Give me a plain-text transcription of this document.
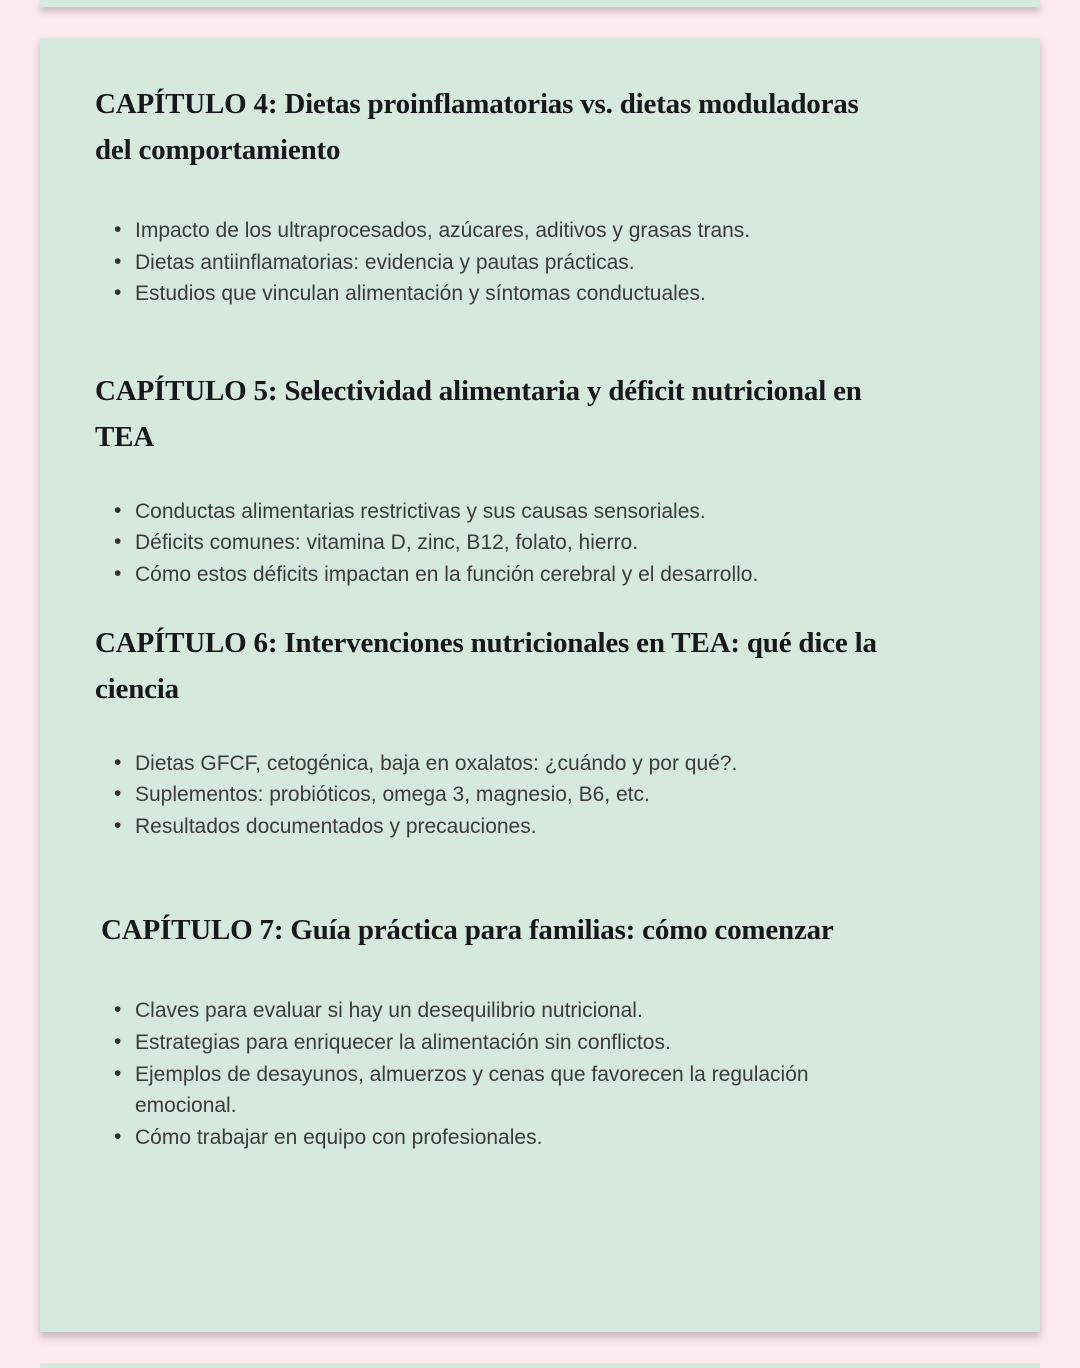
CAPÍTULO 4: Dietas proinflamatorias vs. dietas moduladoras
del comportamiento
• Impacto de los ultraprocesados, azúcares, aditivos y grasas trans.
• Dietas antiinflamatorias: evidencia y pautas prácticas.
• Estudios que vinculan alimentación y síntomas conductuales.
CAPÍTULO 5: Selectividad alimentaria y déficit nutricional en
TEA
• Conductas alimentarias restrictivas y sus causas sensoriales.
• Déficits comunes: vitamina D, zinc, B12, folato, hierro.
• Cómo estos déficits impactan en la función cerebral y el desarrollo.
CAPÍTULO 6: Intervenciones nutricionales en TEA: qué dice la
ciencia
• Dietas GFCF, cetogénica, baja en oxalatos: ¿cuándo y por qué?.
• Suplementos: probióticos, omega 3, magnesio, B6, etc.
• Resultados documentados y precauciones.
CAPÍTULO 7: Guía práctica para familias: cómo comenzar
• Claves para evaluar si hay un desequilibrio nutricional.
• Estrategias para enriquecer la alimentación sin conflictos.
• Ejemplos de desayunos, almuerzos y cenas que favorecen la regulación emocional.
• Cómo trabajar en equipo con profesionales.
